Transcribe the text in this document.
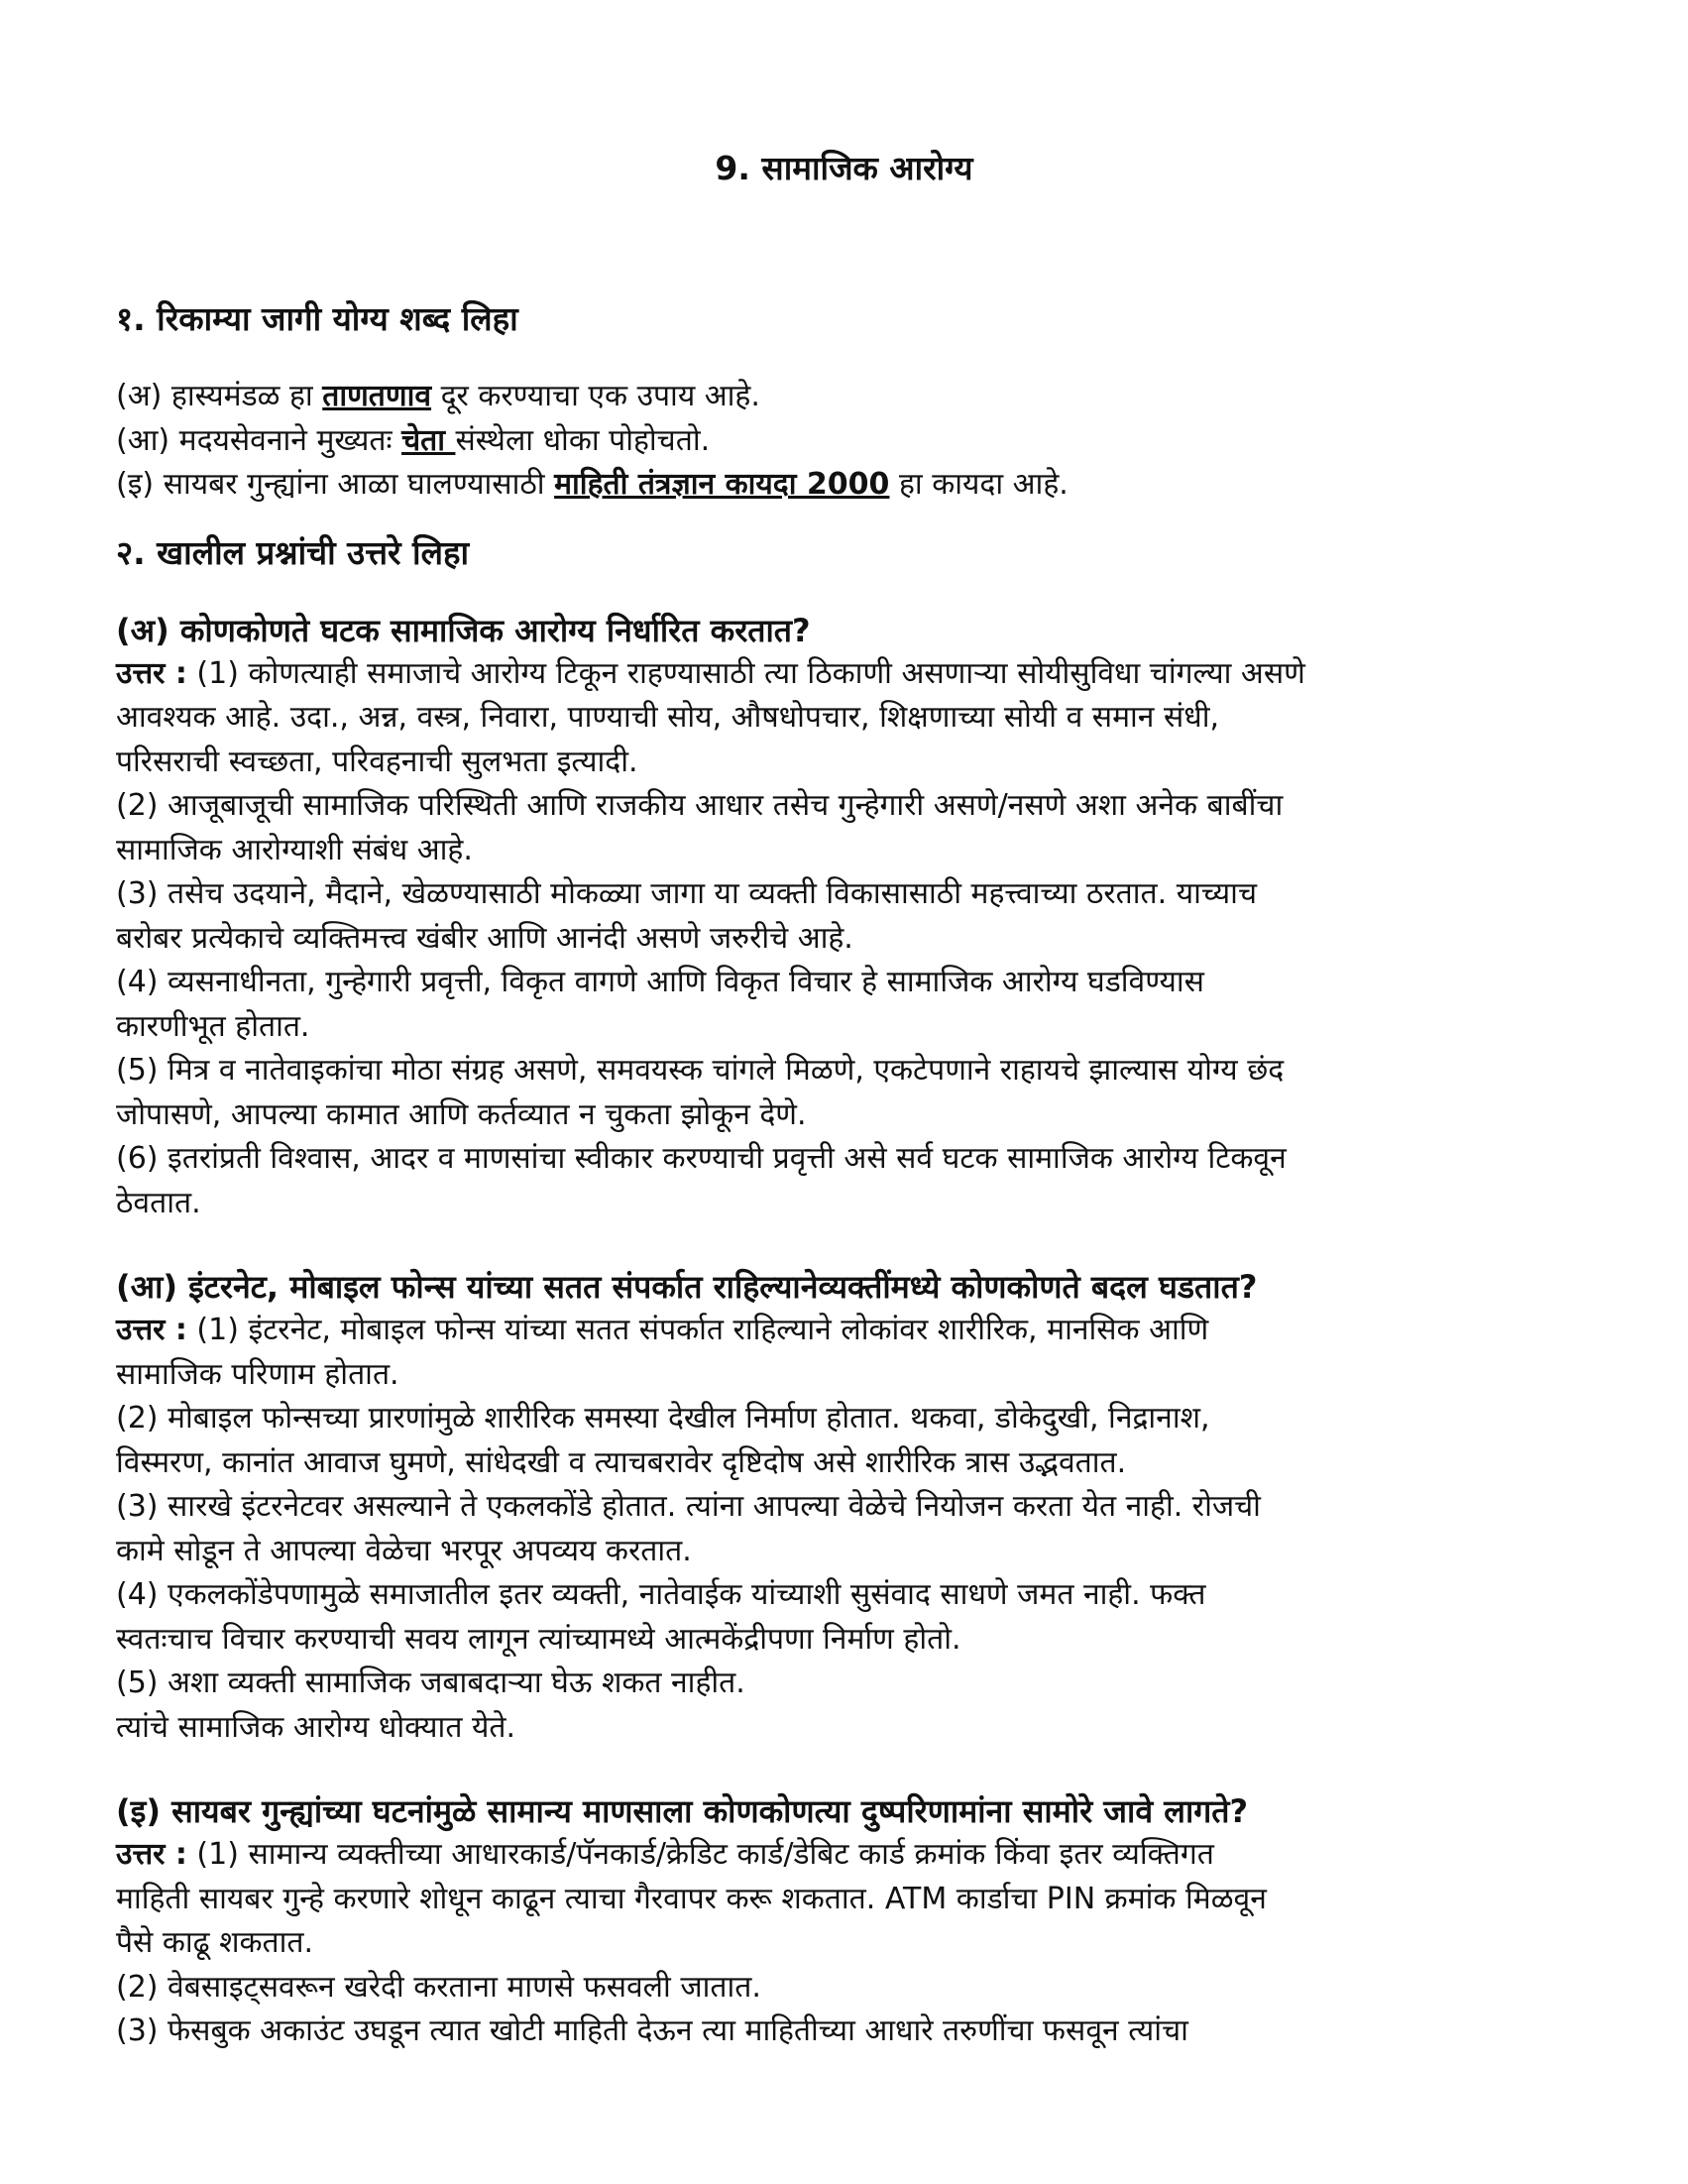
9. सामाजिक आरोग्य
१. रिकाम्या जागी योग्य शब्द लिहा

(अ) हास्यमंडळ हा ताणतणाव दूर करण्याचा एक उपाय आहे.

(आ) मदयसेवनाने मुख्यतः चेता संस्थेला धोका पोहोचतो.

(इ) सायबर गुन्ह्यांना आळा घालण्यासाठी माहिती तंत्रज्ञान कायदा 2000 हा कायदा आहे.

२. खालील प्रश्नांची उत्तरे लिहा

(अ) कोणकोणते घटक सामाजिक आरोग्य निर्धारित करतात?

उत्तर : (1) कोणत्याही समाजाचे आरोग्य टिकून राहण्यासाठी त्या ठिकाणी असणाऱ्या सोयीसुविधा चांगल्या असणे

आवश्यक आहे. उदा., अन्न, वस्त्र, निवारा, पाण्याची सोय, औषधोपचार, शिक्षणाच्या सोयी व समान संधी,

परिसराची स्वच्छता, परिवहनाची सुलभता इत्यादी.

(2) आजूबाजूची सामाजिक परिस्थिती आणि राजकीय आधार तसेच गुन्हेगारी असणे/नसणे अशा अनेक बाबींचा

सामाजिक आरोग्याशी संबंध आहे.

(3) तसेच उदयाने, मैदाने, खेळण्यासाठी मोकळ्या जागा या व्यक्ती विकासासाठी महत्त्वाच्या ठरतात. याच्याच

बरोबर प्रत्येकाचे व्यक्तिमत्त्व खंबीर आणि आनंदी असणे जरुरीचे आहे.

(4) व्यसनाधीनता, गुन्हेगारी प्रवृत्ती, विकृत वागणे आणि विकृत विचार हे सामाजिक आरोग्य घडविण्यास

कारणीभूत होतात.

(5) मित्र व नातेवाइकांचा मोठा संग्रह असणे, समवयस्क चांगले मिळणे, एकटेपणाने राहायचे झाल्यास योग्य छंद

जोपासणे, आपल्या कामात आणि कर्तव्यात न चुकता झोकून देणे.

(6) इतरांप्रती विश्वास, आदर व माणसांचा स्वीकार करण्याची प्रवृत्ती असे सर्व घटक सामाजिक आरोग्य टिकवून

ठेवतात.

(आ) इंटरनेट, मोबाइल फोन्स यांच्या सतत संपर्कात राहिल्यानेव्यक्तींमध्ये कोणकोणते बदल घडतात?

उत्तर : (1) इंटरनेट, मोबाइल फोन्स यांच्या सतत संपर्कात राहिल्याने लोकांवर शारीरिक, मानसिक आणि

सामाजिक परिणाम होतात.

(2) मोबाइल फोन्सच्या प्रारणांमुळे शारीरिक समस्या देखील निर्माण होतात. थकवा, डोकेदुखी, निद्रानाश,

विस्मरण, कानांत आवाज घुमणे, सांधेदखी व त्याचबरावेर दृष्टिदोष असे शारीरिक त्रास उद्भवतात.

(3) सारखे इंटरनेटवर असल्याने ते एकलकोंडे होतात. त्यांना आपल्या वेळेचे नियोजन करता येत नाही. रोजची

कामे सोडून ते आपल्या वेळेचा भरपूर अपव्यय करतात.

(4) एकलकोंडेपणामुळे समाजातील इतर व्यक्ती, नातेवाईक यांच्याशी सुसंवाद साधणे जमत नाही. फक्त

स्वतःचाच विचार करण्याची सवय लागून त्यांच्यामध्ये आत्मकेंद्रीपणा निर्माण होतो.

(5) अशा व्यक्ती सामाजिक जबाबदाऱ्या घेऊ शकत नाहीत.

त्यांचे सामाजिक आरोग्य धोक्यात येते.

(इ) सायबर गुन्ह्यांच्या घटनांमुळे सामान्य माणसाला कोणकोणत्या दुष्परिणामांना सामोरे जावे लागते?

उत्तर : (1) सामान्य व्यक्तीच्या आधारकार्ड/पॅनकार्ड/क्रेडिट कार्ड/डेबिट कार्ड क्रमांक किंवा इतर व्यक्तिगत

माहिती सायबर गुन्हे करणारे शोधून काढून त्याचा गैरवापर करू शकतात. ATM कार्डाचा PIN क्रमांक मिळवून

पैसे काढू शकतात.

(2) वेबसाइट्सवरून खरेदी करताना माणसे फसवली जातात.

(3) फेसबुक अकाउंट उघडून त्यात खोटी माहिती देऊन त्या माहितीच्या आधारे तरुणींचा फसवून त्यांचा
